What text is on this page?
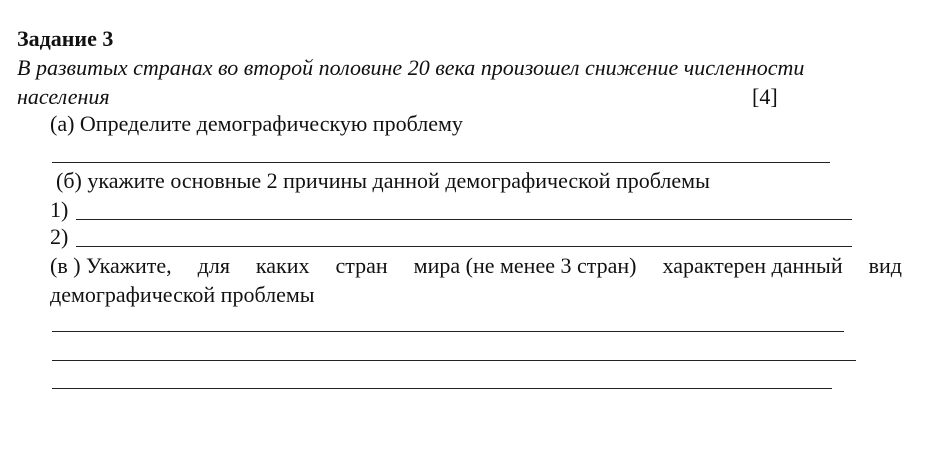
Задание 3
В развитых странах во второй половине 20 века произошел снижение численности
населения	[4]
(а) Определите демографическую проблему
(б) укажите основные 2 причины данной демографической проблемы
1)
2)
(в ) Укажите, для каких стран мира (не менее 3 стран) характерен данный вид
демографической проблемы
